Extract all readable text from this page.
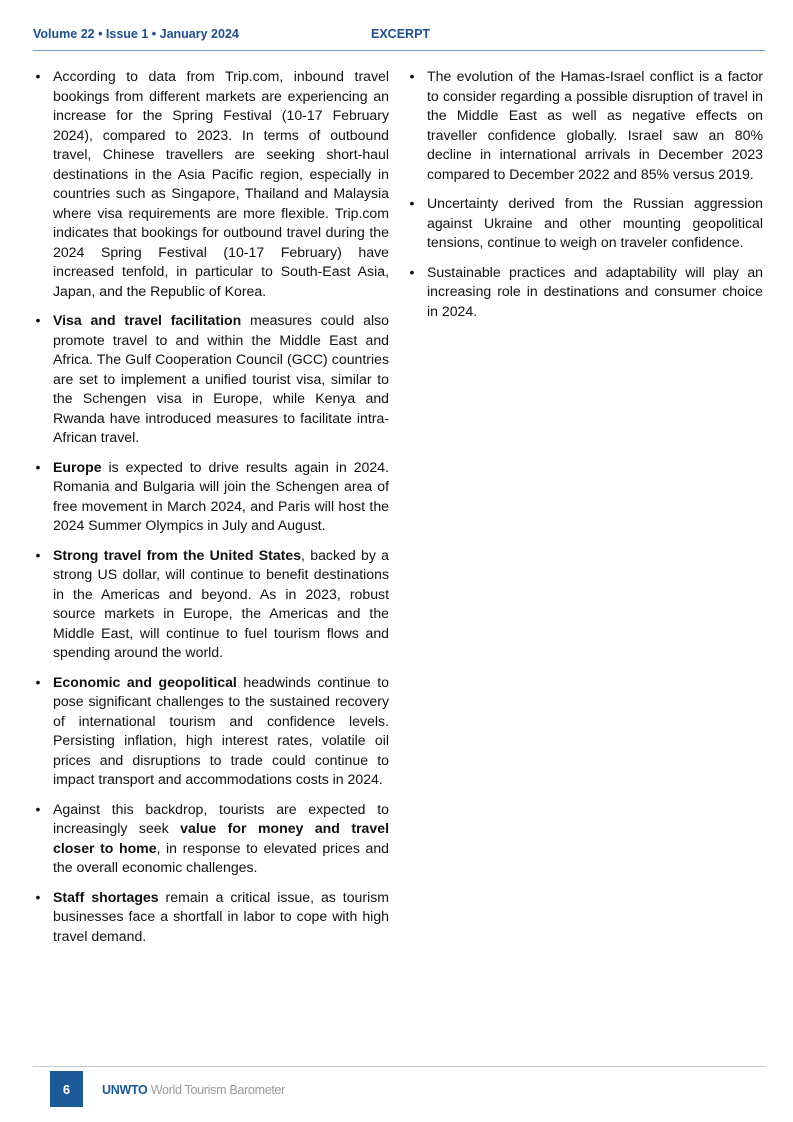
Volume 22 • Issue 1 • January 2024	EXCERPT
• According to data from Trip.com, inbound travel bookings from different markets are experiencing an increase for the Spring Festival (10-17 February 2024), compared to 2023. In terms of outbound travel, Chinese travellers are seeking short-haul destinations in the Asia Pacific region, especially in countries such as Singapore, Thailand and Malaysia where visa requirements are more flexible. Trip.com indicates that bookings for outbound travel during the 2024 Spring Festival (10-17 February) have increased tenfold, in particular to South-East Asia, Japan, and the Republic of Korea.
• Visa and travel facilitation measures could also promote travel to and within the Middle East and Africa. The Gulf Cooperation Council (GCC) countries are set to implement a unified tourist visa, similar to the Schengen visa in Europe, while Kenya and Rwanda have introduced measures to facilitate intra-African travel.
• Europe is expected to drive results again in 2024. Romania and Bulgaria will join the Schengen area of free movement in March 2024, and Paris will host the 2024 Summer Olympics in July and August.
• Strong travel from the United States, backed by a strong US dollar, will continue to benefit destinations in the Americas and beyond. As in 2023, robust source markets in Europe, the Americas and the Middle East, will continue to fuel tourism flows and spending around the world.
• Economic and geopolitical headwinds continue to pose significant challenges to the sustained recovery of international tourism and confidence levels. Persisting inflation, high interest rates, volatile oil prices and disruptions to trade could continue to impact transport and accommodations costs in 2024.
• Against this backdrop, tourists are expected to increasingly seek value for money and travel closer to home, in response to elevated prices and the overall economic challenges.
• Staff shortages remain a critical issue, as tourism businesses face a shortfall in labor to cope with high travel demand.
• The evolution of the Hamas-Israel conflict is a factor to consider regarding a possible disruption of travel in the Middle East as well as negative effects on traveller confidence globally. Israel saw an 80% decline in international arrivals in December 2023 compared to December 2022 and 85% versus 2019.
• Uncertainty derived from the Russian aggression against Ukraine and other mounting geopolitical tensions, continue to weigh on traveler confidence.
• Sustainable practices and adaptability will play an increasing role in destinations and consumer choice in 2024.
6	UNWTO World Tourism Barometer
